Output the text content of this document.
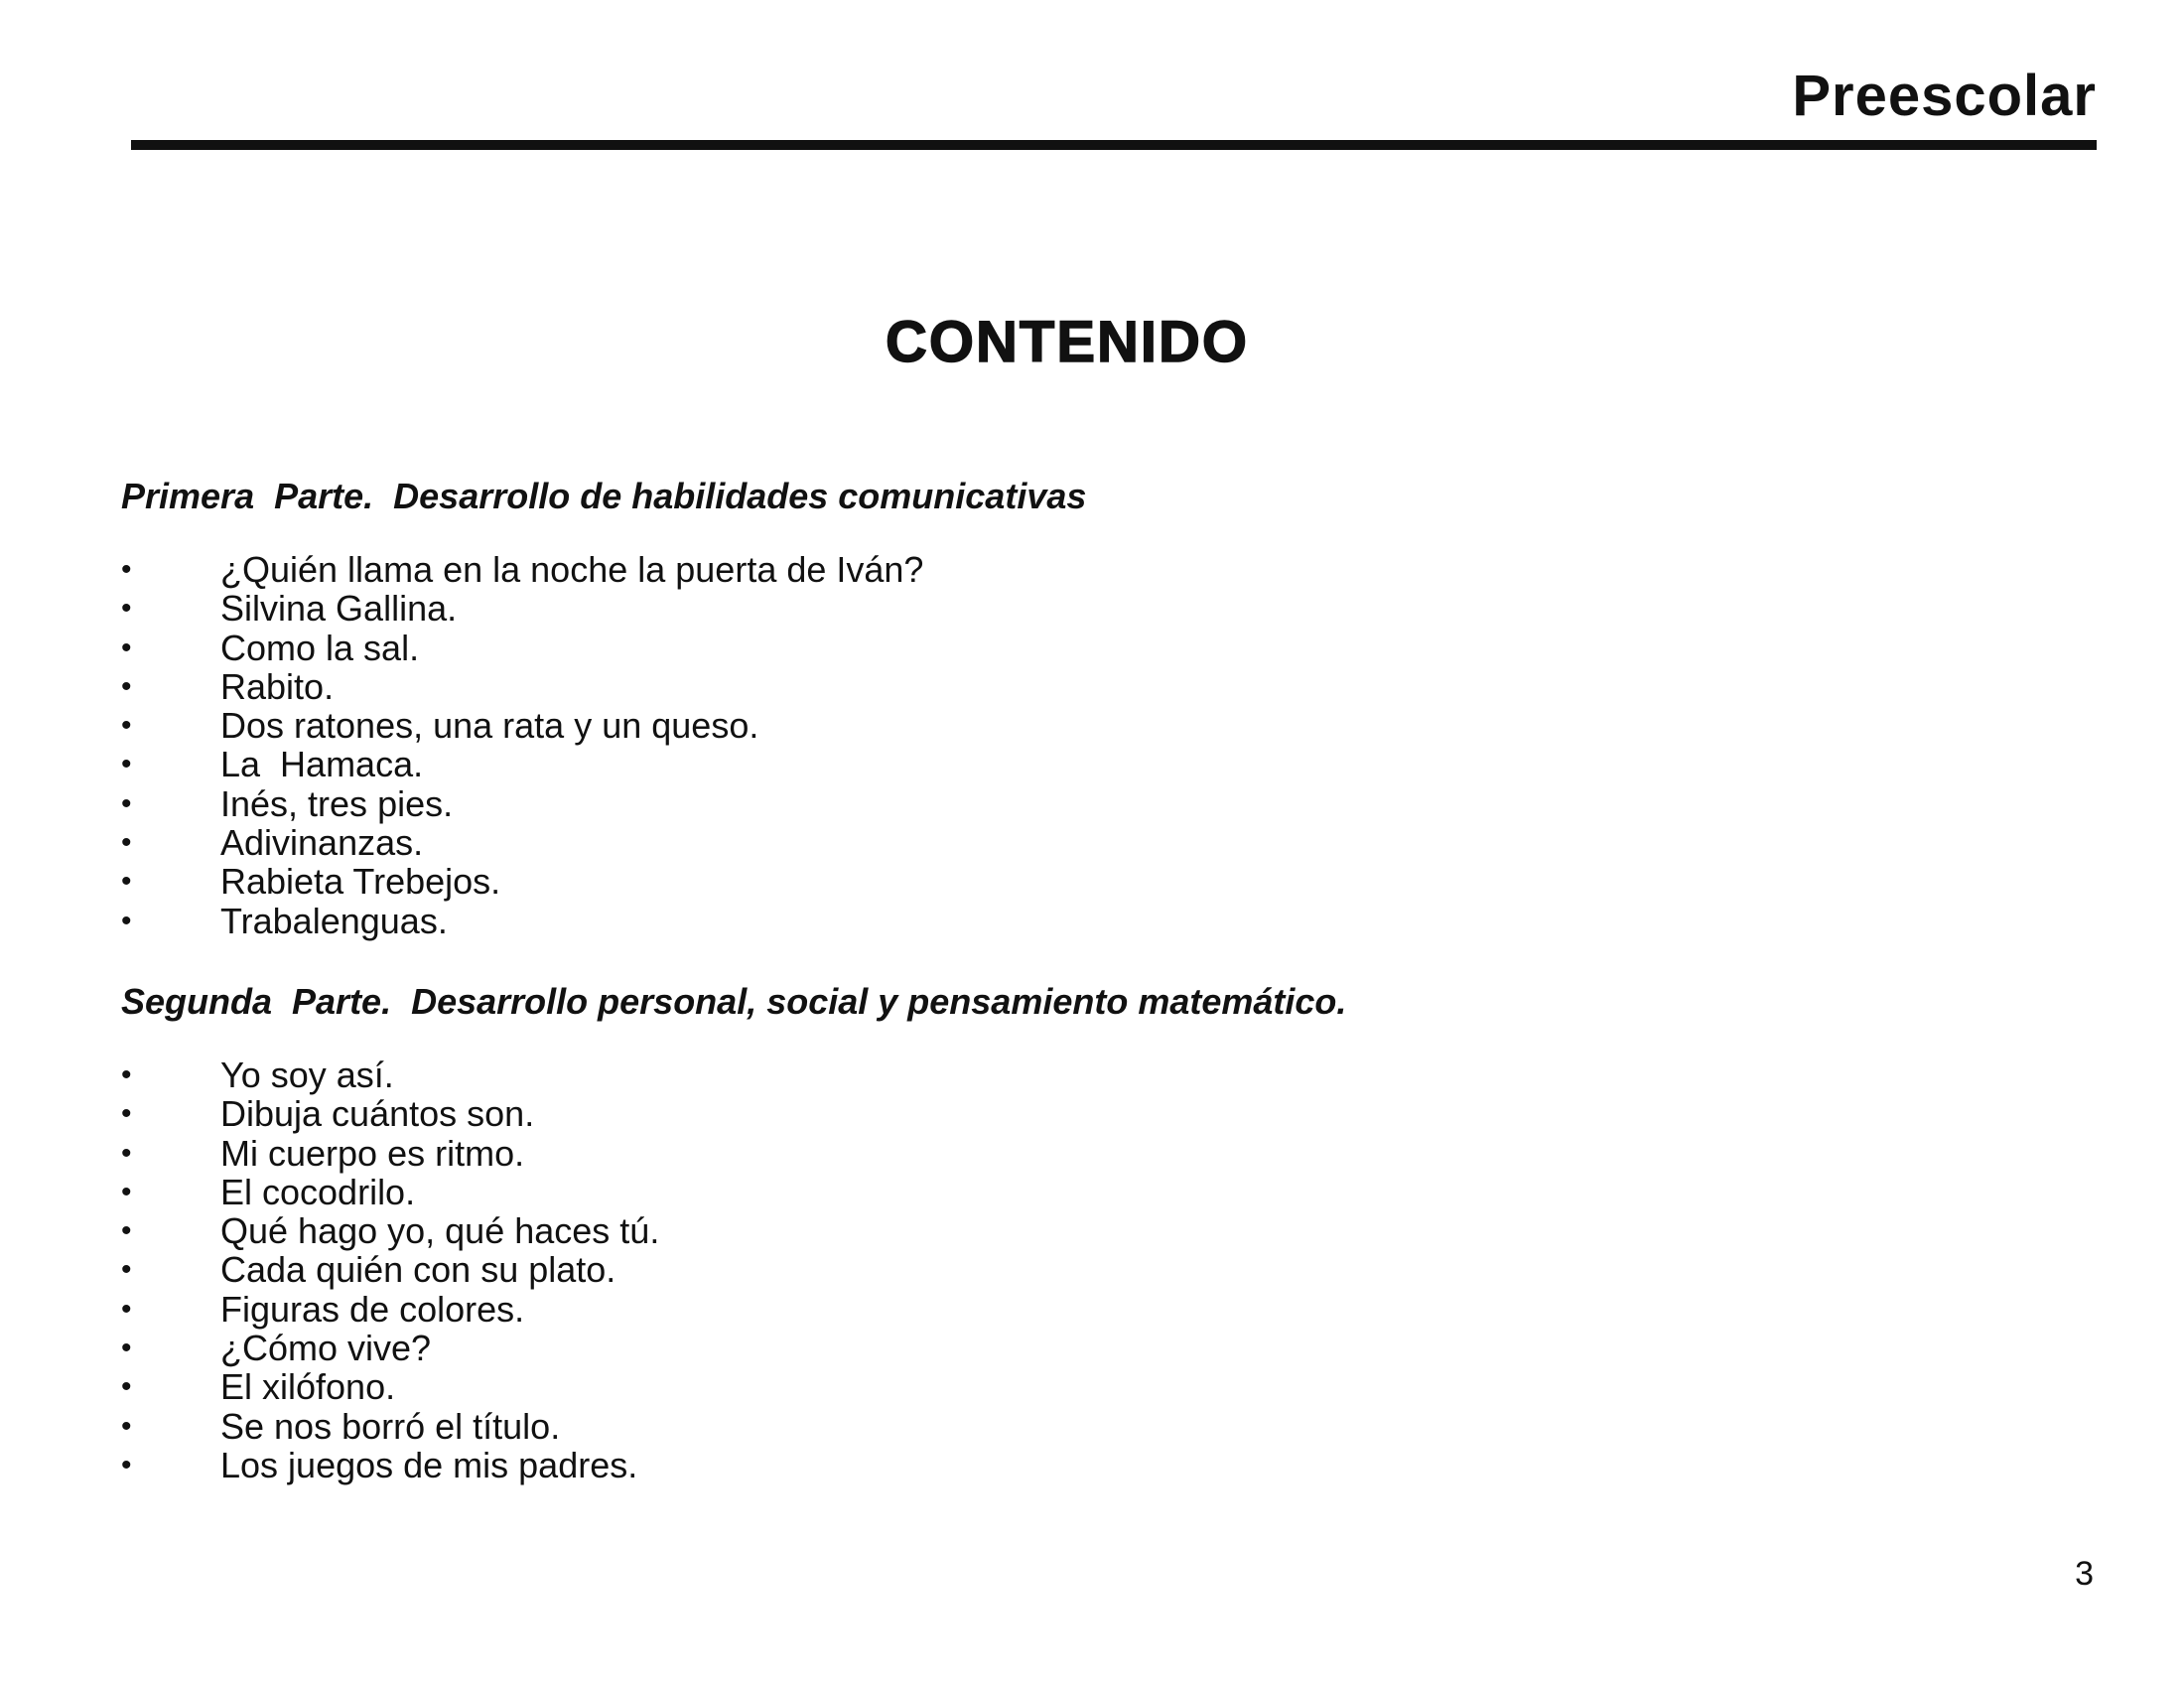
Preescolar
CONTENIDO
Primera  Parte.  Desarrollo de habilidades comunicativas
• ¿Quién llama en la noche la puerta de Iván?
• Silvina Gallina.
• Como la sal.
• Rabito.
• Dos ratones, una rata y un queso.
• La  Hamaca.
• Inés, tres pies.
• Adivinanzas.
• Rabieta Trebejos.
• Trabalenguas.
Segunda  Parte.  Desarrollo personal, social y pensamiento matemático.
• Yo soy así.
• Dibuja cuántos son.
• Mi cuerpo es ritmo.
• El cocodrilo.
• Qué hago yo, qué haces tú.
• Cada quién con su plato.
• Figuras de colores.
• ¿Cómo vive?
• El xilófono.
• Se nos borró el título.
• Los juegos de mis padres.
3
